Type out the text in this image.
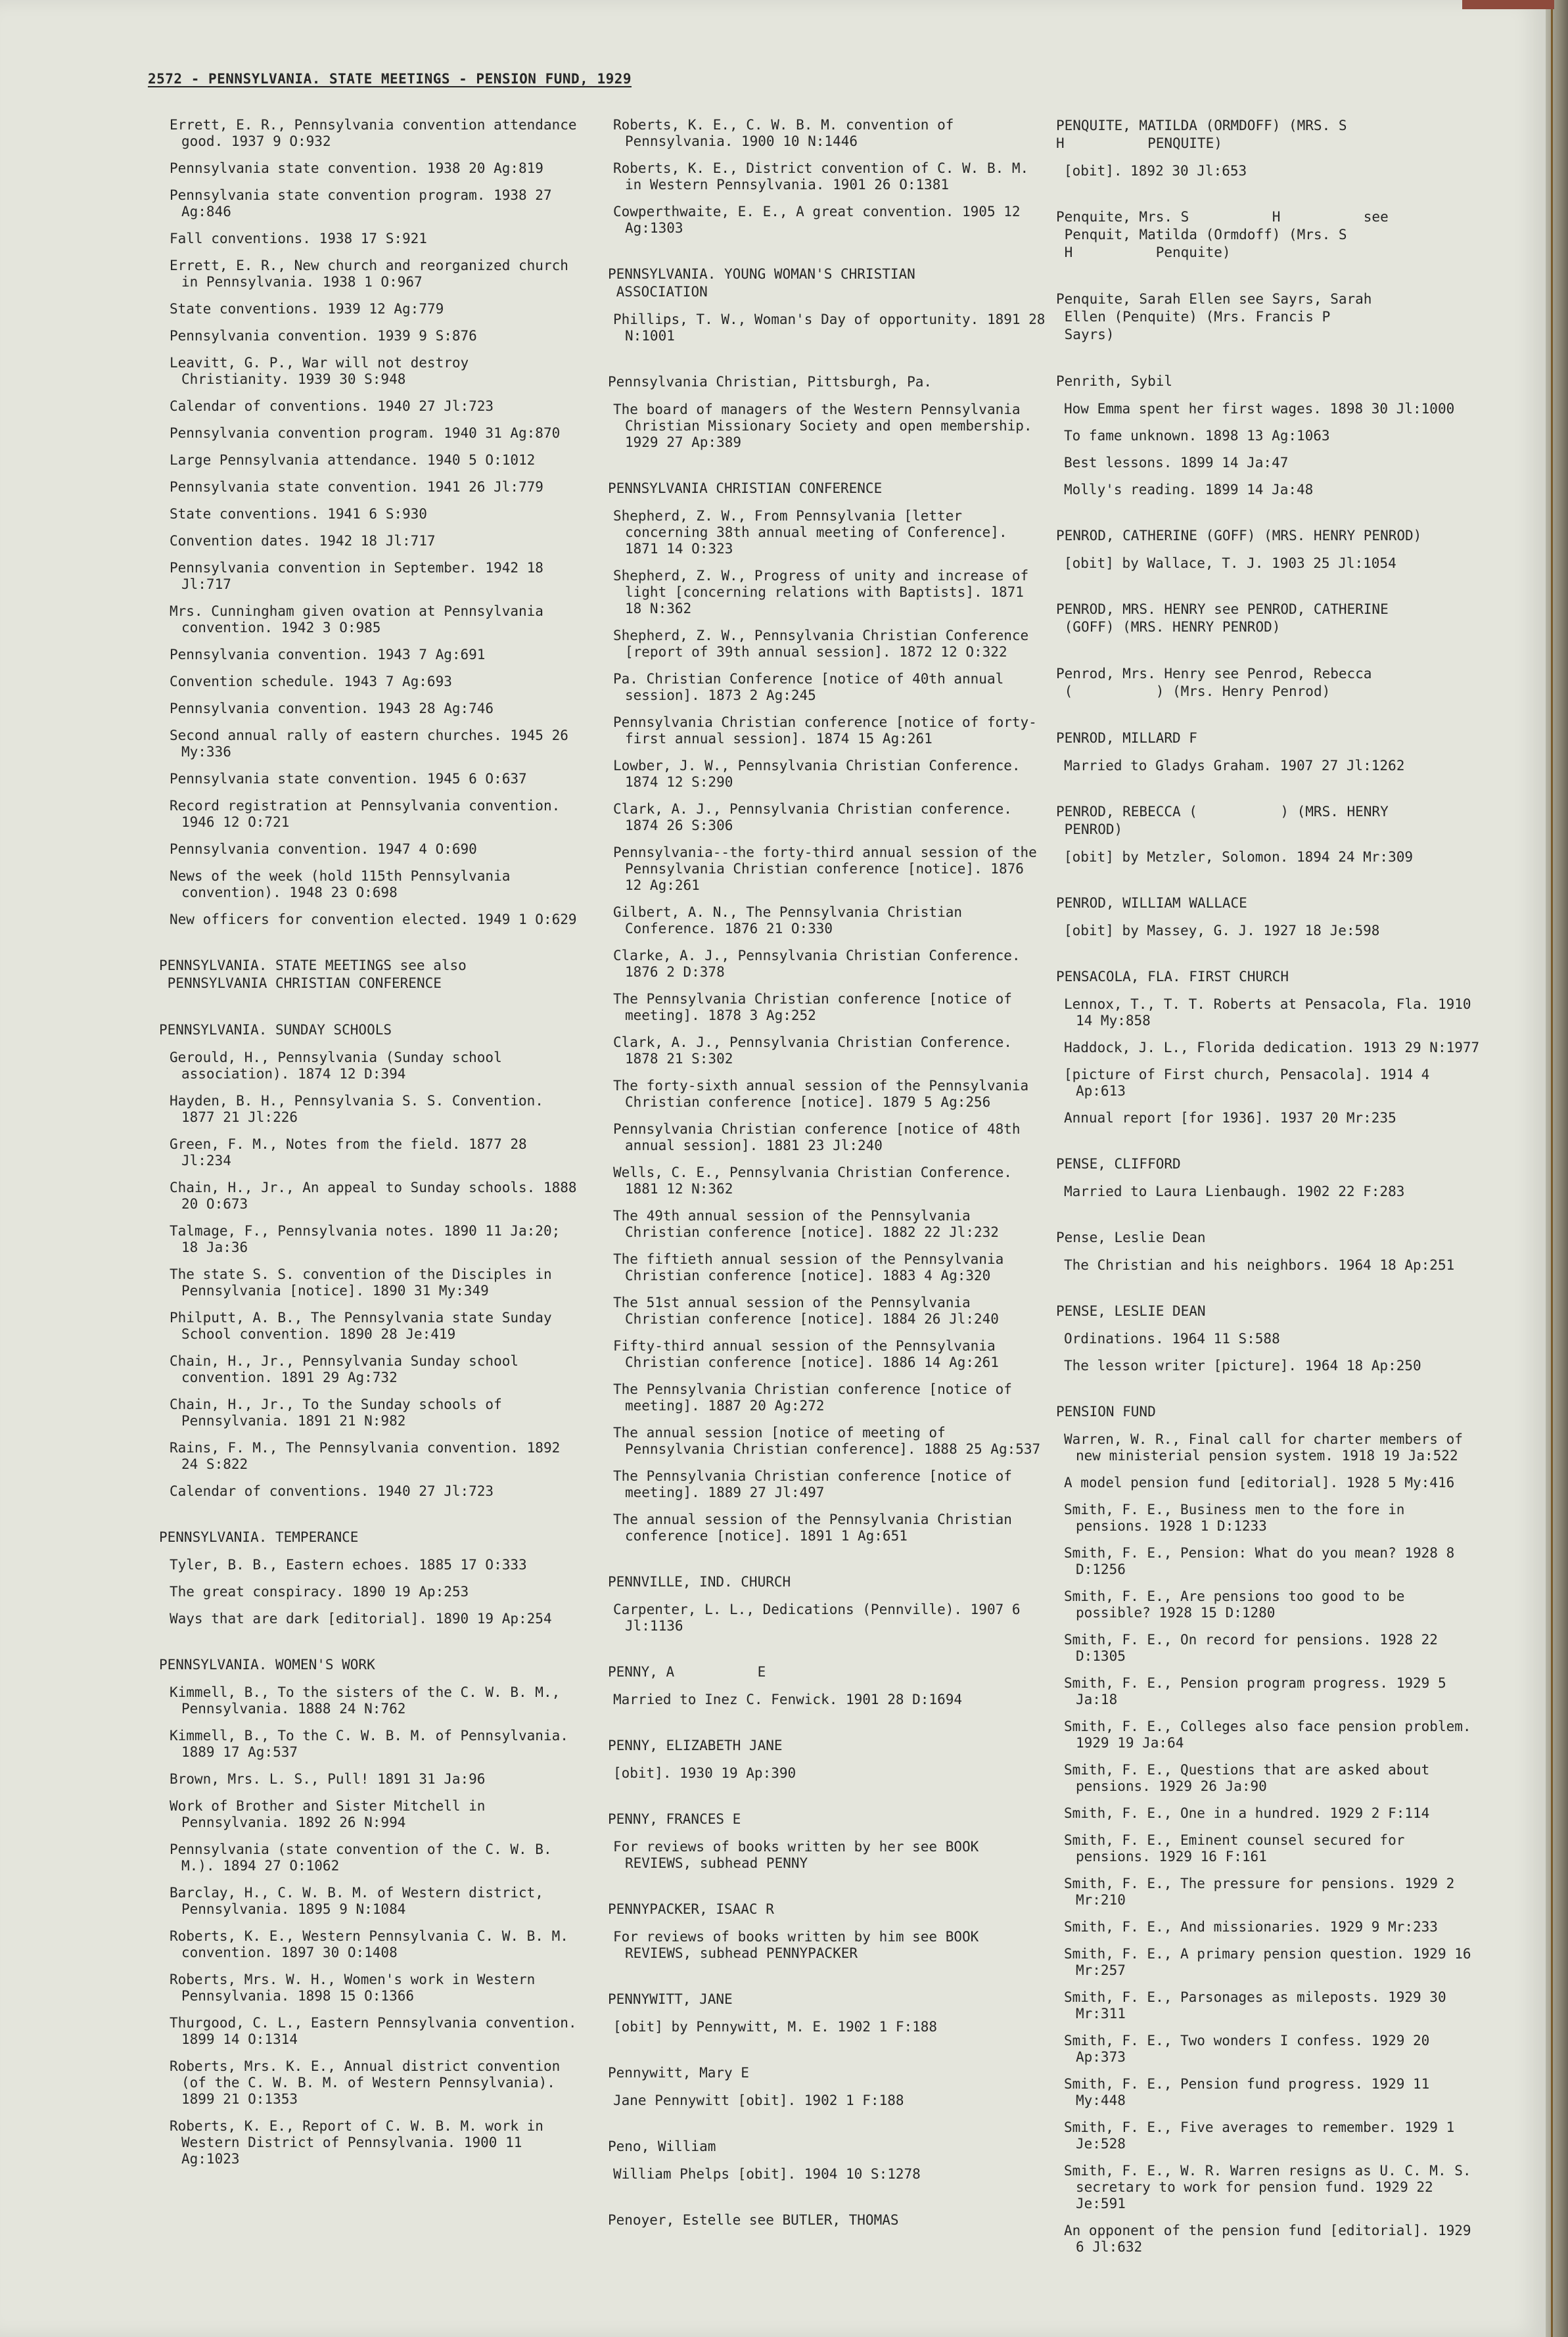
2572 - PENNSYLVANIA. STATE MEETINGS - PENSION FUND, 1929
Errett, E. R., Pennsylvania convention attendance good. 1937 9 O:932
Pennsylvania state convention. 1938 20 Ag:819
Pennsylvania state convention program. 1938 27 Ag:846
Fall conventions. 1938 17 S:921
Errett, E. R., New church and reorganized church in Pennsylvania. 1938 1 O:967
State conventions. 1939 12 Ag:779
Pennsylvania convention. 1939 9 S:876
Leavitt, G. P., War will not destroy Christianity. 1939 30 S:948
Calendar of conventions. 1940 27 Jl:723
Pennsylvania convention program. 1940 31 Ag:870
Large Pennsylvania attendance. 1940 5 O:1012
Pennsylvania state convention. 1941 26 Jl:779
State conventions. 1941 6 S:930
Convention dates. 1942 18 Jl:717
Pennsylvania convention in September. 1942 18 Jl:717
Mrs. Cunningham given ovation at Pennsylvania convention. 1942 3 O:985
Pennsylvania convention. 1943 7 Ag:691
Convention schedule. 1943 7 Ag:693
Pennsylvania convention. 1943 28 Ag:746
Second annual rally of eastern churches. 1945 26 My:336
Pennsylvania state convention. 1945 6 O:637
Record registration at Pennsylvania convention. 1946 12 O:721
Pennsylvania convention. 1947 4 O:690
News of the week (hold 115th Pennsylvania convention). 1948 23 O:698
New officers for convention elected. 1949 1 O:629
PENNSYLVANIA. STATE MEETINGS see also
PENNSYLVANIA CHRISTIAN CONFERENCE
PENNSYLVANIA. SUNDAY SCHOOLS
Gerould, H., Pennsylvania (Sunday school association). 1874 12 D:394
Hayden, B. H., Pennsylvania S. S. Convention. 1877 21 Jl:226
Green, F. M., Notes from the field. 1877 28 Jl:234
Chain, H., Jr., An appeal to Sunday schools. 1888 20 O:673
Talmage, F., Pennsylvania notes. 1890 11 Ja:20; 18 Ja:36
The state S. S. convention of the Disciples in Pennsylvania [notice]. 1890 31 My:349
Philputt, A. B., The Pennsylvania state Sunday School convention. 1890 28 Je:419
Chain, H., Jr., Pennsylvania Sunday school convention. 1891 29 Ag:732
Chain, H., Jr., To the Sunday schools of Pennsylvania. 1891 21 N:982
Rains, F. M., The Pennsylvania convention. 1892 24 S:822
Calendar of conventions. 1940 27 Jl:723
PENNSYLVANIA. TEMPERANCE
Tyler, B. B., Eastern echoes. 1885 17 O:333
The great conspiracy. 1890 19 Ap:253
Ways that are dark [editorial]. 1890 19 Ap:254
PENNSYLVANIA. WOMEN'S WORK
Kimmell, B., To the sisters of the C. W. B. M., Pennsylvania. 1888 24 N:762
Kimmell, B., To the C. W. B. M. of Pennsylvania. 1889 17 Ag:537
Brown, Mrs. L. S., Pull! 1891 31 Ja:96
Work of Brother and Sister Mitchell in Pennsylvania. 1892 26 N:994
Pennsylvania (state convention of the C. W. B. M.). 1894 27 O:1062
Barclay, H., C. W. B. M. of Western district, Pennsylvania. 1895 9 N:1084
Roberts, K. E., Western Pennsylvania C. W. B. M. convention. 1897 30 O:1408
Roberts, Mrs. W. H., Women's work in Western Pennsylvania. 1898 15 O:1366
Thurgood, C. L., Eastern Pennsylvania convention. 1899 14 O:1314
Roberts, Mrs. K. E., Annual district convention (of the C. W. B. M. of Western Pennsylvania). 1899 21 O:1353
Roberts, K. E., Report of C. W. B. M. work in Western District of Pennsylvania. 1900 11 Ag:1023
Roberts, K. E., C. W. B. M. convention of Pennsylvania. 1900 10 N:1446
Roberts, K. E., District convention of C. W. B. M. in Western Pennsylvania. 1901 26 O:1381
Cowperthwaite, E. E., A great convention. 1905 12 Ag:1303
PENNSYLVANIA. YOUNG WOMAN'S CHRISTIAN
ASSOCIATION
Phillips, T. W., Woman's Day of opportunity. 1891 28 N:1001
Pennsylvania Christian, Pittsburgh, Pa.
The board of managers of the Western Pennsylvania Christian Missionary Society and open membership. 1929 27 Ap:389
PENNSYLVANIA CHRISTIAN CONFERENCE
Shepherd, Z. W., From Pennsylvania [letter concerning 38th annual meeting of Conference]. 1871 14 O:323
Shepherd, Z. W., Progress of unity and increase of light [concerning relations with Baptists]. 1871 18 N:362
Shepherd, Z. W., Pennsylvania Christian Conference [report of 39th annual session]. 1872 12 O:322
Pa. Christian Conference [notice of 40th annual session]. 1873 2 Ag:245
Pennsylvania Christian conference [notice of forty-first annual session]. 1874 15 Ag:261
Lowber, J. W., Pennsylvania Christian Conference. 1874 12 S:290
Clark, A. J., Pennsylvania Christian conference. 1874 26 S:306
Pennsylvania--the forty-third annual session of the Pennsylvania Christian conference [notice]. 1876 12 Ag:261
Gilbert, A. N., The Pennsylvania Christian Conference. 1876 21 O:330
Clarke, A. J., Pennsylvania Christian Conference. 1876 2 D:378
The Pennsylvania Christian conference [notice of meeting]. 1878 3 Ag:252
Clark, A. J., Pennsylvania Christian Conference. 1878 21 S:302
The forty-sixth annual session of the Pennsylvania Christian conference [notice]. 1879 5 Ag:256
Pennsylvania Christian conference [notice of 48th annual session]. 1881 23 Jl:240
Wells, C. E., Pennsylvania Christian Conference. 1881 12 N:362
The 49th annual session of the Pennsylvania Christian conference [notice]. 1882 22 Jl:232
The fiftieth annual session of the Pennsylvania Christian conference [notice]. 1883 4 Ag:320
The 51st annual session of the Pennsylvania Christian conference [notice]. 1884 26 Jl:240
Fifty-third annual session of the Pennsylvania Christian conference [notice]. 1886 14 Ag:261
The Pennsylvania Christian conference [notice of meeting]. 1887 20 Ag:272
The annual session [notice of meeting of Pennsylvania Christian conference]. 1888 25 Ag:537
The Pennsylvania Christian conference [notice of meeting]. 1889 27 Jl:497
The annual session of the Pennsylvania Christian conference [notice]. 1891 1 Ag:651
PENNVILLE, IND. CHURCH
Carpenter, L. L., Dedications (Pennville). 1907 6 Jl:1136
PENNY, A          E
Married to Inez C. Fenwick. 1901 28 D:1694
PENNY, ELIZABETH JANE
[obit]. 1930 19 Ap:390
PENNY, FRANCES E
For reviews of books written by her see BOOK REVIEWS, subhead PENNY
PENNYPACKER, ISAAC R
For reviews of books written by him see BOOK REVIEWS, subhead PENNYPACKER
PENNYWITT, JANE
[obit] by Pennywitt, M. E. 1902 1 F:188
Pennywitt, Mary E
Jane Pennywitt [obit]. 1902 1 F:188
Peno, William
William Phelps [obit]. 1904 10 S:1278
Penoyer, Estelle see BUTLER, THOMAS
PENQUITE, MATILDA (ORMDOFF) (MRS. S
H          PENQUITE)
[obit]. 1892 30 Jl:653
Penquite, Mrs. S          H          see
Penquit, Matilda (Ormdoff) (Mrs. S
H          Penquite)
Penquite, Sarah Ellen see Sayrs, Sarah
Ellen (Penquite) (Mrs. Francis P
Sayrs)
Penrith, Sybil
How Emma spent her first wages. 1898 30 Jl:1000
To fame unknown. 1898 13 Ag:1063
Best lessons. 1899 14 Ja:47
Molly's reading. 1899 14 Ja:48
PENROD, CATHERINE (GOFF) (MRS. HENRY PENROD)
[obit] by Wallace, T. J. 1903 25 Jl:1054
PENROD, MRS. HENRY see PENROD, CATHERINE
(GOFF) (MRS. HENRY PENROD)
Penrod, Mrs. Henry see Penrod, Rebecca
(          ) (Mrs. Henry Penrod)
PENROD, MILLARD F
Married to Gladys Graham. 1907 27 Jl:1262
PENROD, REBECCA (          ) (MRS. HENRY
PENROD)
[obit] by Metzler, Solomon. 1894 24 Mr:309
PENROD, WILLIAM WALLACE
[obit] by Massey, G. J. 1927 18 Je:598
PENSACOLA, FLA. FIRST CHURCH
Lennox, T., T. T. Roberts at Pensacola, Fla. 1910 14 My:858
Haddock, J. L., Florida dedication. 1913 29 N:1977
[picture of First church, Pensacola]. 1914 4 Ap:613
Annual report [for 1936]. 1937 20 Mr:235
PENSE, CLIFFORD
Married to Laura Lienbaugh. 1902 22 F:283
Pense, Leslie Dean
The Christian and his neighbors. 1964 18 Ap:251
PENSE, LESLIE DEAN
Ordinations. 1964 11 S:588
The lesson writer [picture]. 1964 18 Ap:250
PENSION FUND
Warren, W. R., Final call for charter members of new ministerial pension system. 1918 19 Ja:522
A model pension fund [editorial]. 1928 5 My:416
Smith, F. E., Business men to the fore in pensions. 1928 1 D:1233
Smith, F. E., Pension: What do you mean? 1928 8 D:1256
Smith, F. E., Are pensions too good to be possible? 1928 15 D:1280
Smith, F. E., On record for pensions. 1928 22 D:1305
Smith, F. E., Pension program progress. 1929 5 Ja:18
Smith, F. E., Colleges also face pension problem. 1929 19 Ja:64
Smith, F. E., Questions that are asked about pensions. 1929 26 Ja:90
Smith, F. E., One in a hundred. 1929 2 F:114
Smith, F. E., Eminent counsel secured for pensions. 1929 16 F:161
Smith, F. E., The pressure for pensions. 1929 2 Mr:210
Smith, F. E., And missionaries. 1929 9 Mr:233
Smith, F. E., A primary pension question. 1929 16 Mr:257
Smith, F. E., Parsonages as mileposts. 1929 30 Mr:311
Smith, F. E., Two wonders I confess. 1929 20 Ap:373
Smith, F. E., Pension fund progress. 1929 11 My:448
Smith, F. E., Five averages to remember. 1929 1 Je:528
Smith, F. E., W. R. Warren resigns as U. C. M. S. secretary to work for pension fund. 1929 22 Je:591
An opponent of the pension fund [editorial]. 1929 6 Jl:632
